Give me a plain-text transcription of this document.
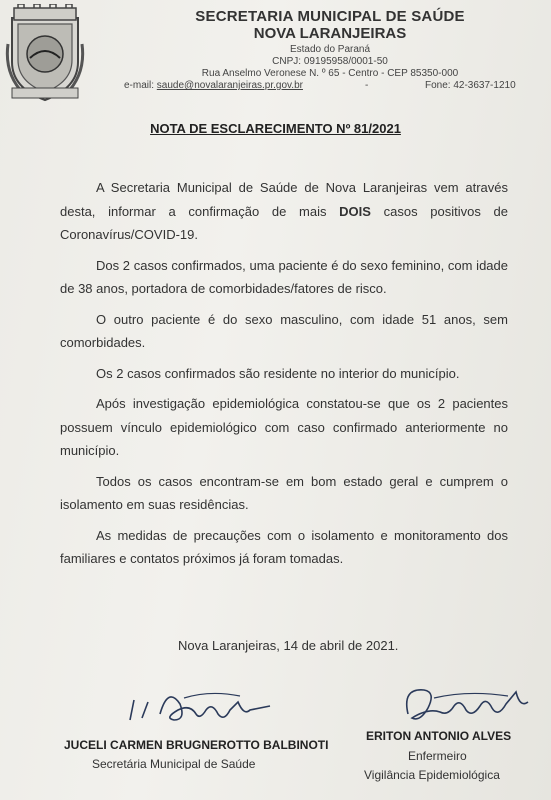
SECRETARIA MUNICIPAL DE SAÚDE
NOVA LARANJEIRAS
Estado do Paraná
CNPJ: 09195958/0001-50
Rua Anselmo Veronese N. º 65 - Centro - CEP 85350-000
e-mail: saude@novalaranjeiras.pr.gov.br	-	Fone: 42-3637-1210
NOTA DE ESCLARECIMENTO Nº 81/2021

A Secretaria Municipal de Saúde de Nova Laranjeiras vem através desta, informar a confirmação de mais DOIS casos positivos de Coronavírus/COVID-19.

Dos 2 casos confirmados, uma paciente é do sexo feminino, com idade de 38 anos, portadora de comorbidades/fatores de risco.

O outro paciente é do sexo masculino, com idade 51 anos, sem comorbidades.

Os 2 casos confirmados são residente no interior do município.

Após investigação epidemiológica constatou-se que os 2 pacientes possuem vínculo epidemiológico com caso confirmado anteriormente no município.

Todos os casos encontram-se em bom estado geral e cumprem o isolamento em suas residências.

As medidas de precauções com o isolamento e monitoramento dos familiares e contatos próximos já foram tomadas.

Nova Laranjeiras, 14 de abril de 2021.
JUCELI CARMEN BRUGNEROTTO BALBINOTI
Secretária Municipal de Saúde
ERITON ANTONIO ALVES
Enfermeiro
Vigilância Epidemiológica
